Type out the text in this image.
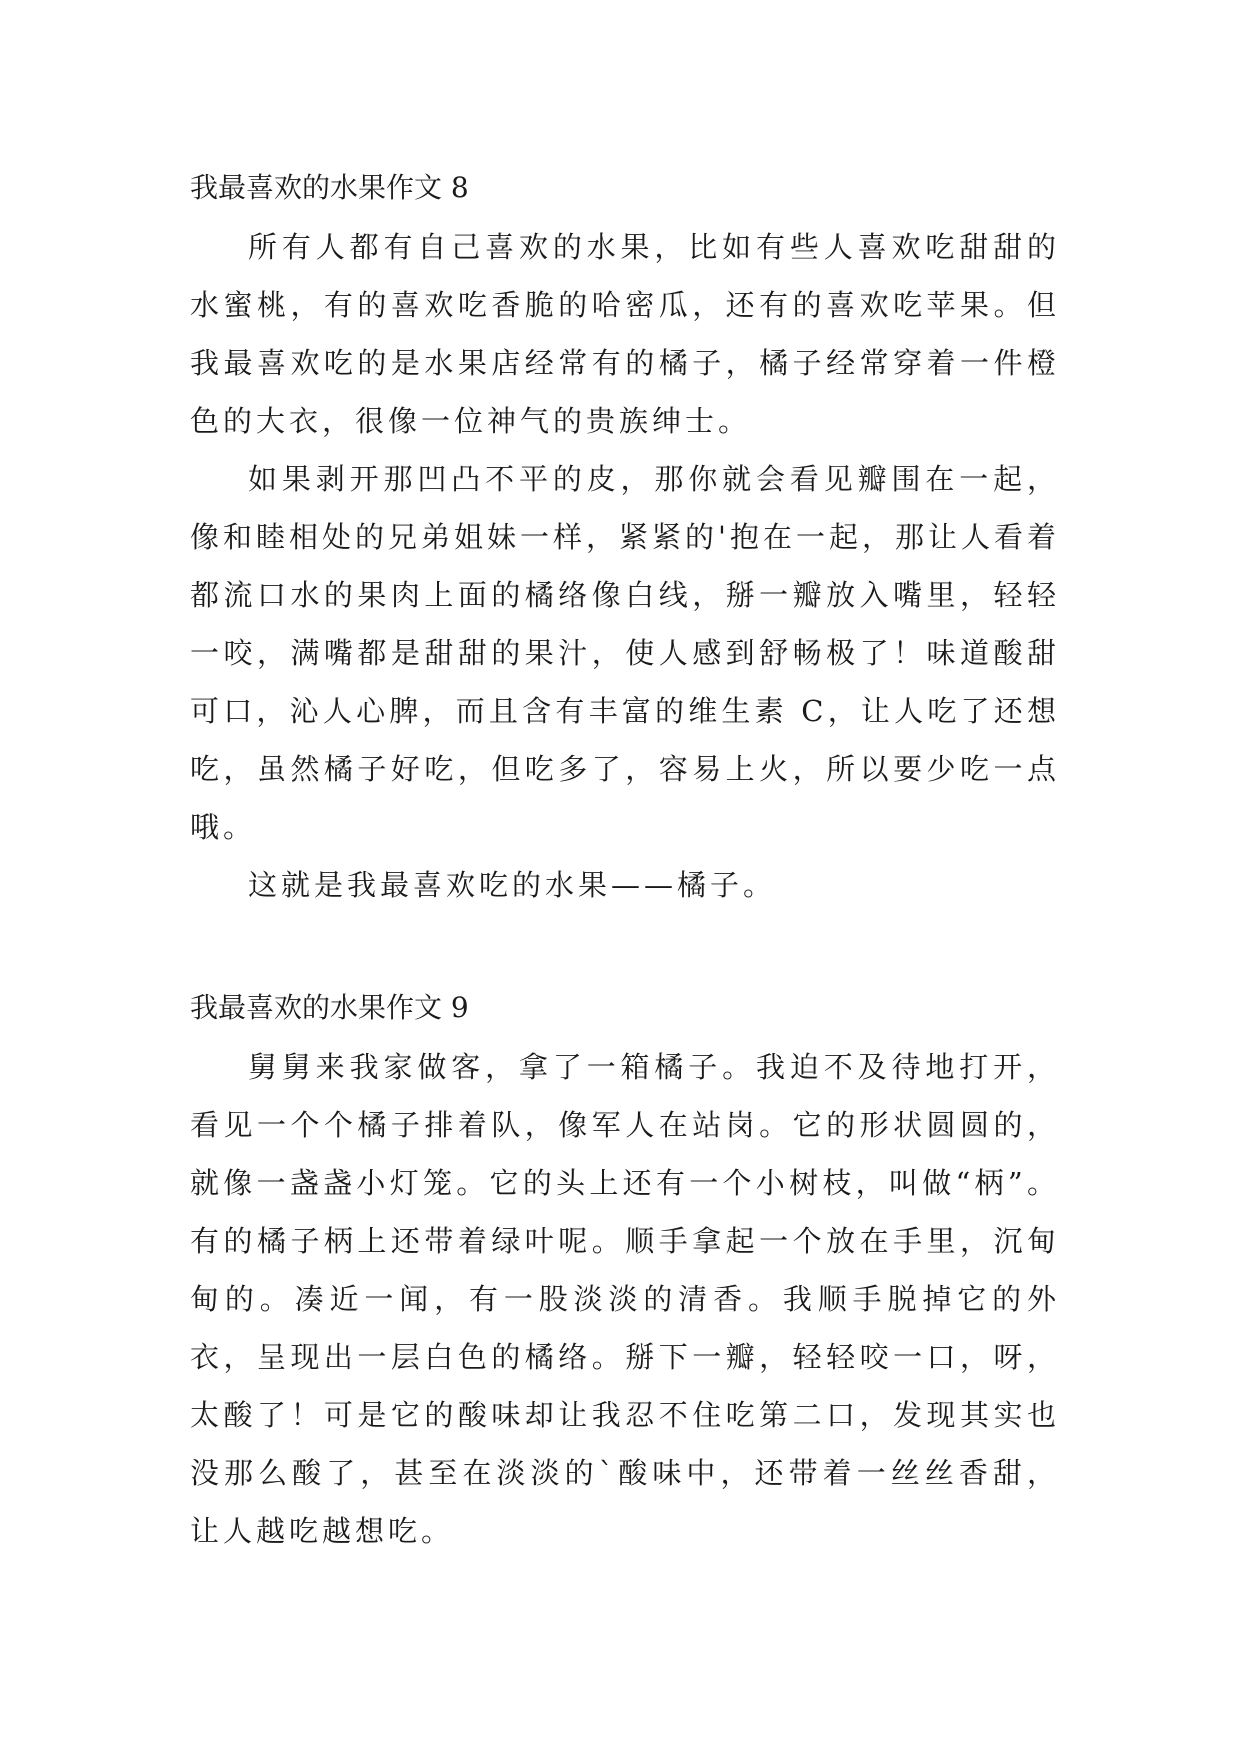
我最喜欢的水果作文 8

所有人都有自己喜欢的水果，比如有些人喜欢吃甜甜的水蜜桃，有的喜欢吃香脆的哈密瓜，还有的喜欢吃苹果。但我最喜欢吃的是水果店经常有的橘子，橘子经常穿着一件橙色的大衣，很像一位神气的贵族绅士。

如果剥开那凹凸不平的皮，那你就会看见瓣围在一起，像和睦相处的兄弟姐妹一样，紧紧的'抱在一起，那让人看着都流口水的果肉上面的橘络像白线，掰一瓣放入嘴里，轻轻一咬，满嘴都是甜甜的果汁，使人感到舒畅极了！味道酸甜可口，沁人心脾，而且含有丰富的维生素 C，让人吃了还想吃，虽然橘子好吃，但吃多了，容易上火，所以要少吃一点哦。

这就是我最喜欢吃的水果——橘子。

我最喜欢的水果作文 9

舅舅来我家做客，拿了一箱橘子。我迫不及待地打开，看见一个个橘子排着队，像军人在站岗。它的形状圆圆的，就像一盏盏小灯笼。它的头上还有一个小树枝，叫做“柄”。有的橘子柄上还带着绿叶呢。顺手拿起一个放在手里，沉甸甸的。凑近一闻，有一股淡淡的清香。我顺手脱掉它的外衣，呈现出一层白色的橘络。掰下一瓣，轻轻咬一口，呀，太酸了！可是它的酸味却让我忍不住吃第二口，发现其实也没那么酸了，甚至在淡淡的`酸味中，还带着一丝丝香甜，让人越吃越想吃。
